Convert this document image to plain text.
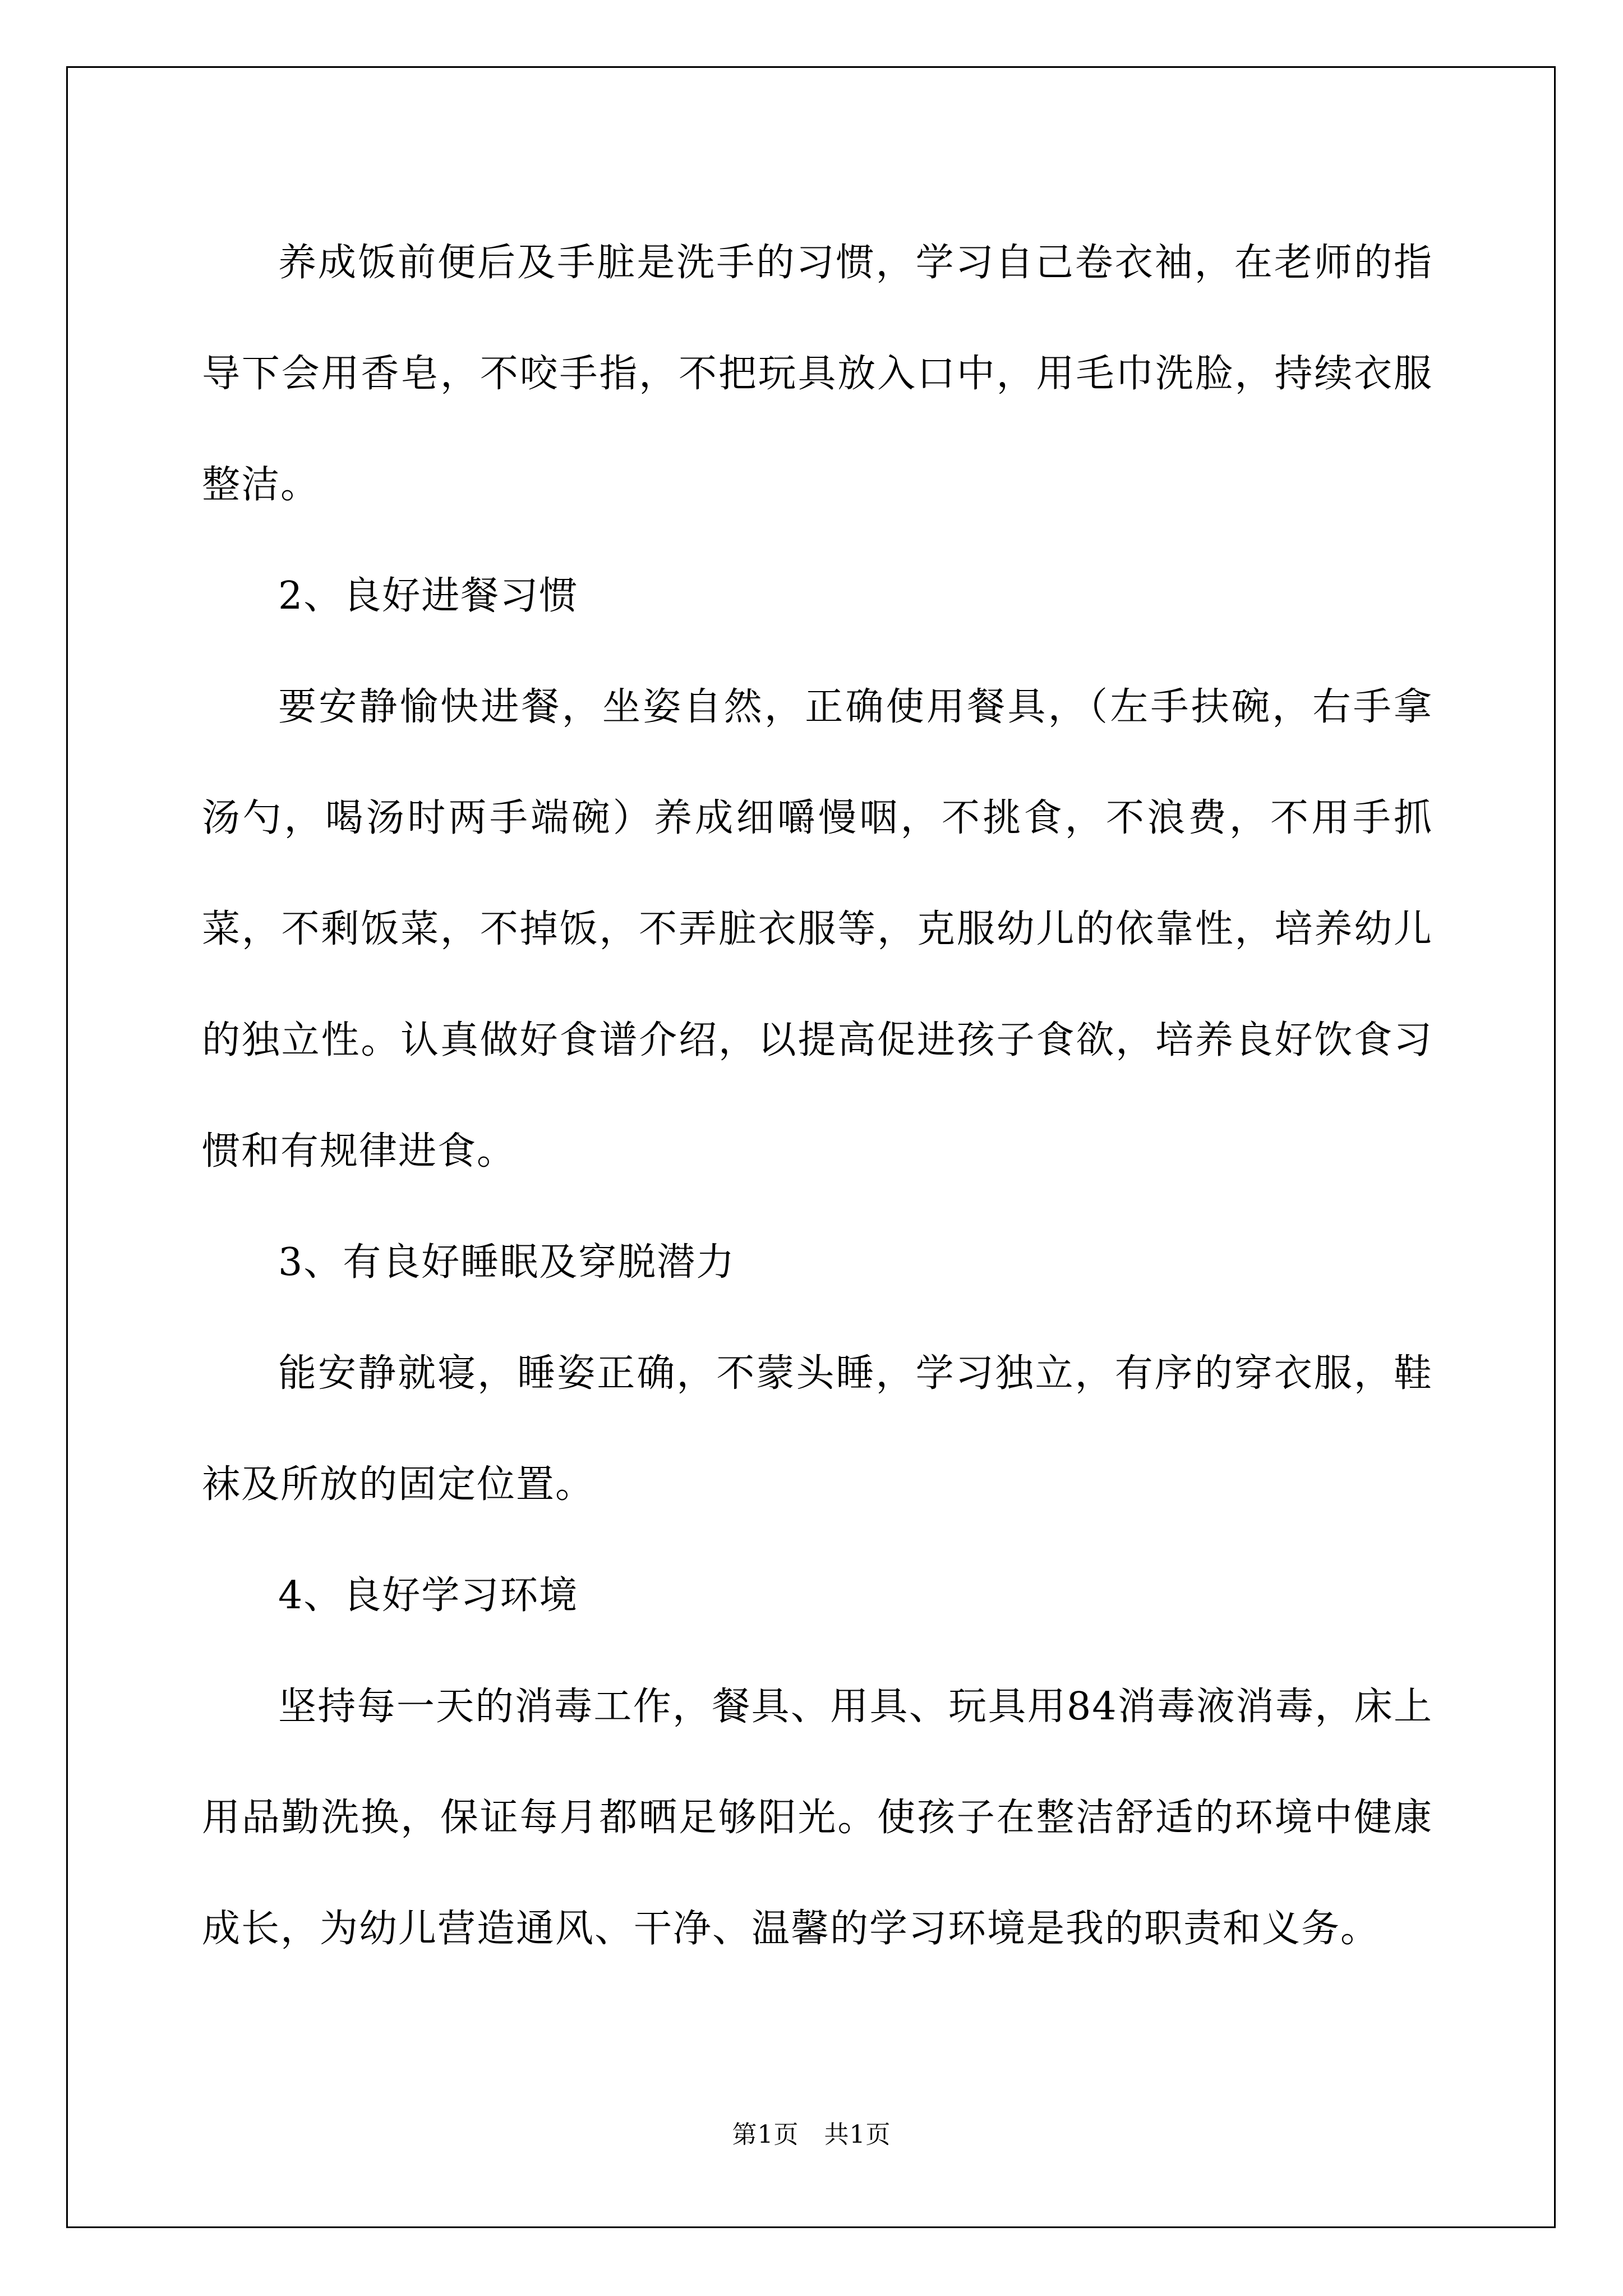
养成饭前便后及手脏是洗手的习惯，学习自己卷衣袖，在老师的指导下会用香皂，不咬手指，不把玩具放入口中，用毛巾洗脸，持续衣服整洁。

2、良好进餐习惯

要安静愉快进餐，坐姿自然，正确使用餐具，（左手扶碗，右手拿汤勺，喝汤时两手端碗）养成细嚼慢咽，不挑食，不浪费，不用手抓菜，不剩饭菜，不掉饭，不弄脏衣服等，克服幼儿的依靠性，培养幼儿的独立性。认真做好食谱介绍，以提高促进孩子食欲，培养良好饮食习惯和有规律进食。

3、有良好睡眠及穿脱潜力

能安静就寝，睡姿正确，不蒙头睡，学习独立，有序的穿衣服，鞋袜及所放的固定位置。

4、良好学习环境

坚持每一天的消毒工作，餐具、用具、玩具用84消毒液消毒，床上用品勤洗换，保证每月都晒足够阳光。使孩子在整洁舒适的环境中健康成长，为幼儿营造通风、干净、温馨的学习环境是我的职责和义务。

第1页　共1页
